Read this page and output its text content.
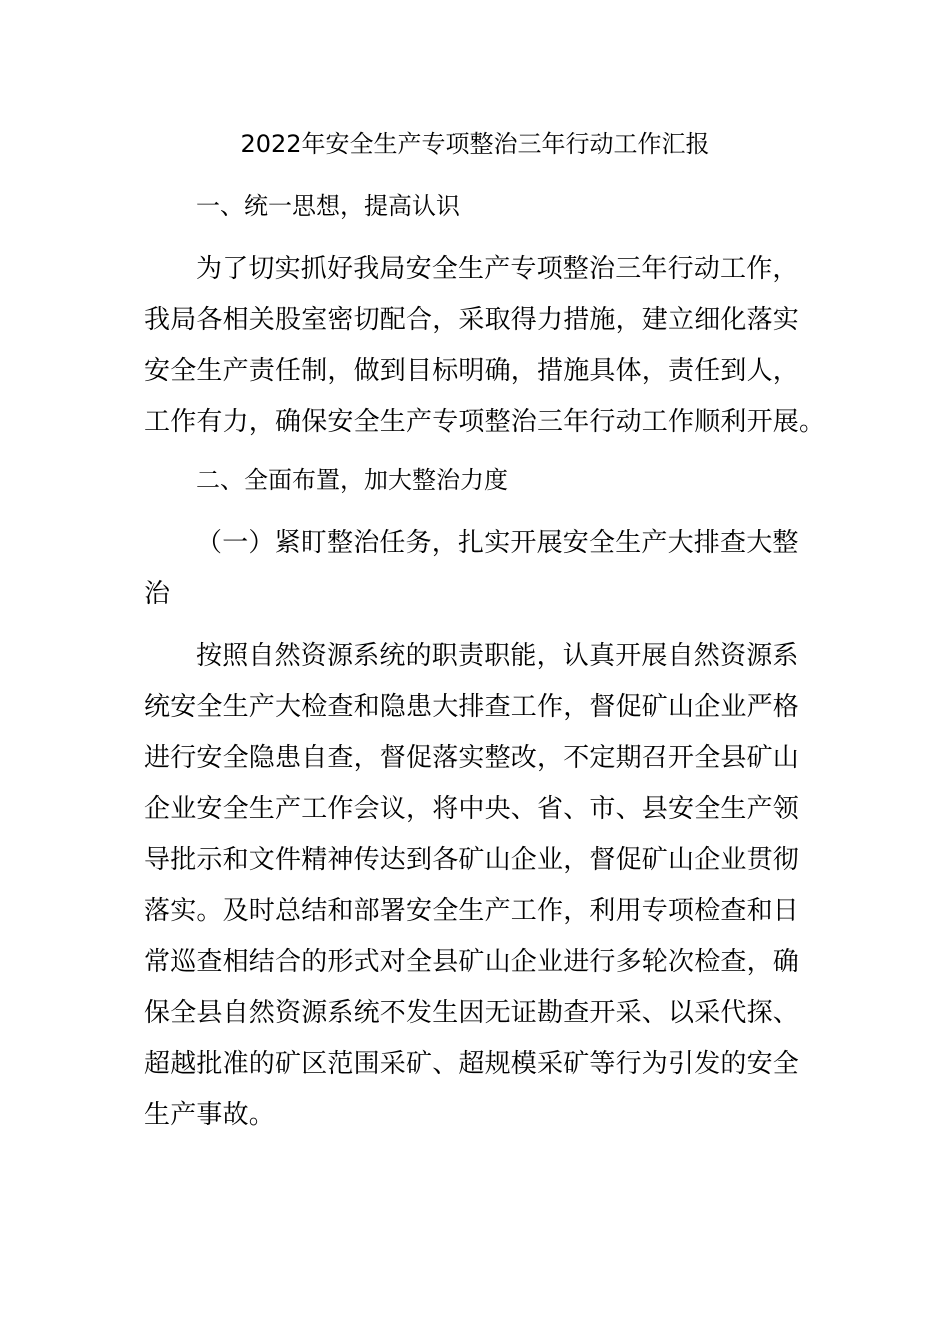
2022年安全生产专项整治三年行动工作汇报
一、统一思想，提高认识
为了切实抓好我局安全生产专项整治三年行动工作，
我局各相关股室密切配合，采取得力措施，建立细化落实
安全生产责任制，做到目标明确，措施具体，责任到人，
工作有力，确保安全生产专项整治三年行动工作顺利开展。
二、全面布置，加大整治力度
（一）紧盯整治任务，扎实开展安全生产大排查大整
治
按照自然资源系统的职责职能，认真开展自然资源系
统安全生产大检查和隐患大排查工作，督促矿山企业严格
进行安全隐患自查，督促落实整改，不定期召开全县矿山
企业安全生产工作会议，将中央、省、市、县安全生产领
导批示和文件精神传达到各矿山企业，督促矿山企业贯彻
落实。及时总结和部署安全生产工作，利用专项检查和日
常巡查相结合的形式对全县矿山企业进行多轮次检查，确
保全县自然资源系统不发生因无证勘查开采、以采代探、
超越批准的矿区范围采矿、超规模采矿等行为引发的安全
生产事故。
